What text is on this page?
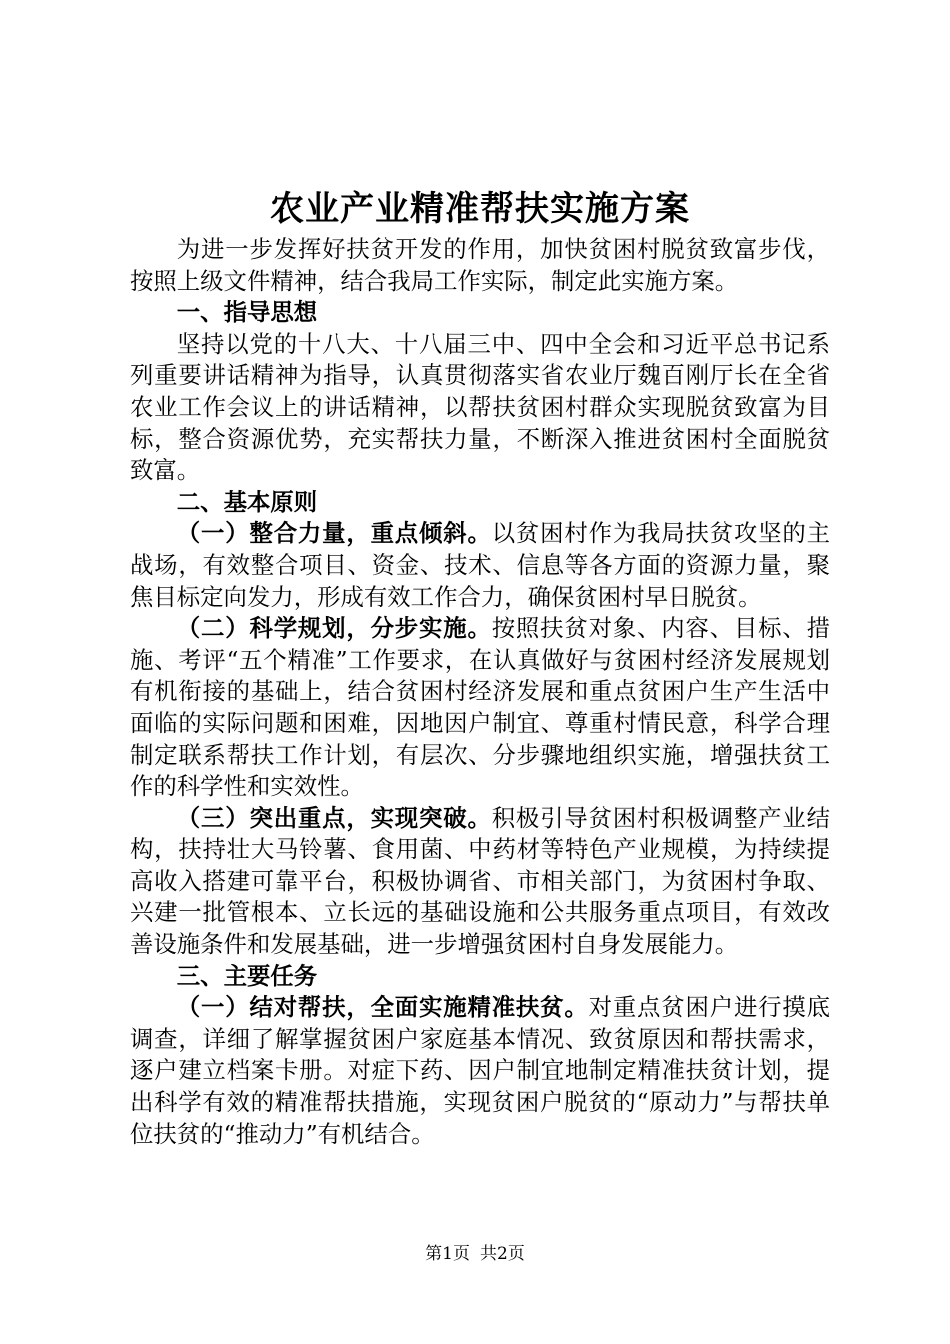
农业产业精准帮扶实施方案

为进一步发挥好扶贫开发的作用，加快贫困村脱贫致富步伐，按照上级文件精神，结合我局工作实际，制定此实施方案。

一、指导思想

坚持以党的十八大、十八届三中、四中全会和习近平总书记系列重要讲话精神为指导，认真贯彻落实省农业厅魏百刚厅长在全省农业工作会议上的讲话精神，以帮扶贫困村群众实现脱贫致富为目标，整合资源优势，充实帮扶力量，不断深入推进贫困村全面脱贫致富。

二、基本原则

（一）整合力量，重点倾斜。以贫困村作为我局扶贫攻坚的主战场，有效整合项目、资金、技术、信息等各方面的资源力量，聚焦目标定向发力，形成有效工作合力，确保贫困村早日脱贫。

（二）科学规划，分步实施。按照扶贫对象、内容、目标、措施、考评“五个精准”工作要求，在认真做好与贫困村经济发展规划有机衔接的基础上，结合贫困村经济发展和重点贫困户生产生活中面临的实际问题和困难，因地因户制宜、尊重村情民意，科学合理制定联系帮扶工作计划，有层次、分步骤地组织实施，增强扶贫工作的科学性和实效性。

（三）突出重点，实现突破。积极引导贫困村积极调整产业结构，扶持壮大马铃薯、食用菌、中药材等特色产业规模，为持续提高收入搭建可靠平台，积极协调省、市相关部门，为贫困村争取、兴建一批管根本、立长远的基础设施和公共服务重点项目，有效改善设施条件和发展基础，进一步增强贫困村自身发展能力。

三、主要任务

（一）结对帮扶，全面实施精准扶贫。对重点贫困户进行摸底调查，详细了解掌握贫困户家庭基本情况、致贫原因和帮扶需求，逐户建立档案卡册。对症下药、因户制宜地制定精准扶贫计划，提出科学有效的精准帮扶措施，实现贫困户脱贫的“原动力”与帮扶单位扶贫的“推动力”有机结合。

第1页 共2页
